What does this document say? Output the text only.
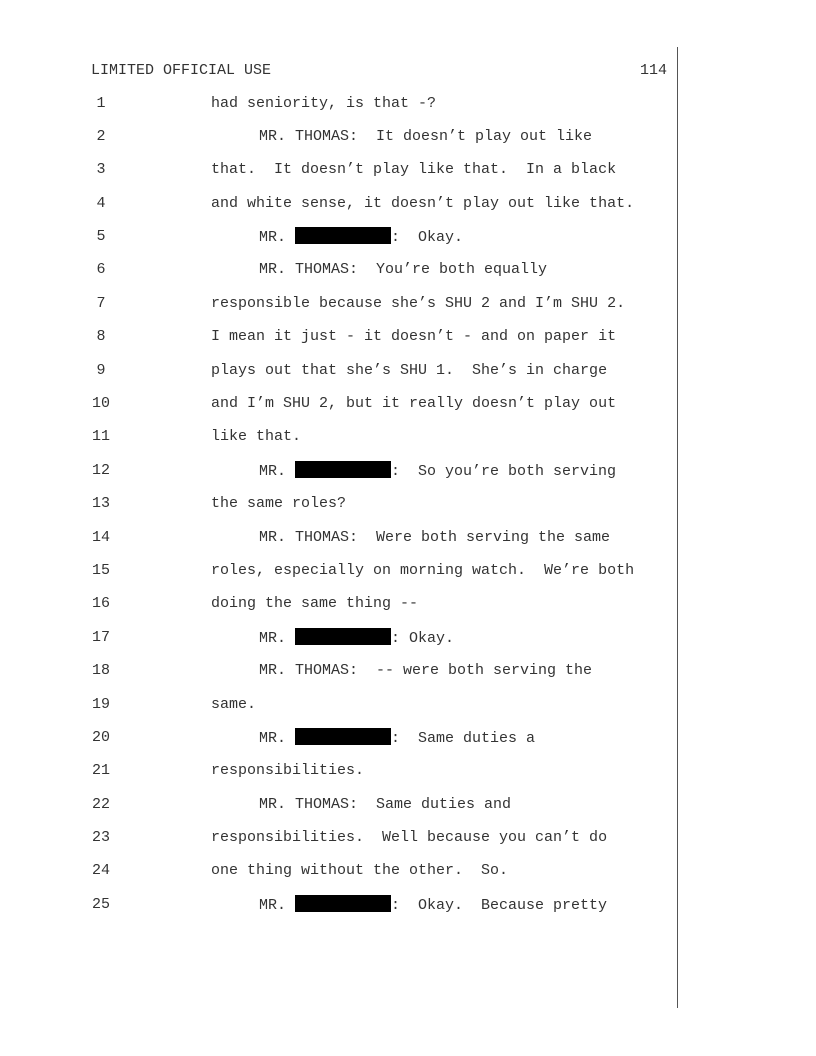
LIMITED OFFICIAL USE	114
1	had seniority, is that -?
2	MR. THOMAS:  It doesn’t play out like
3	that.  It doesn’t play like that.  In a black
4	and white sense, it doesn’t play out like that.
5	MR.	:  Okay.
6	MR. THOMAS:  You’re both equally
7	responsible because she’s SHU 2 and I’m SHU 2.
8	I mean it just - it doesn’t - and on paper it
9	plays out that she’s SHU 1.  She’s in charge
10	and I’m SHU 2, but it really doesn’t play out
11	like that.
12	MR.	:  So you’re both serving
13	the same roles?
14	MR. THOMAS:  Were both serving the same
15	roles, especially on morning watch.  We’re both
16	doing the same thing --
17	MR.	: Okay.
18	MR. THOMAS:  -- were both serving the
19	same.
20	MR.	:  Same duties a
21	responsibilities.
22	MR. THOMAS:  Same duties and
23	responsibilities.  Well because you can’t do
24	one thing without the other.  So.
25	MR.	:  Okay.  Because pretty
